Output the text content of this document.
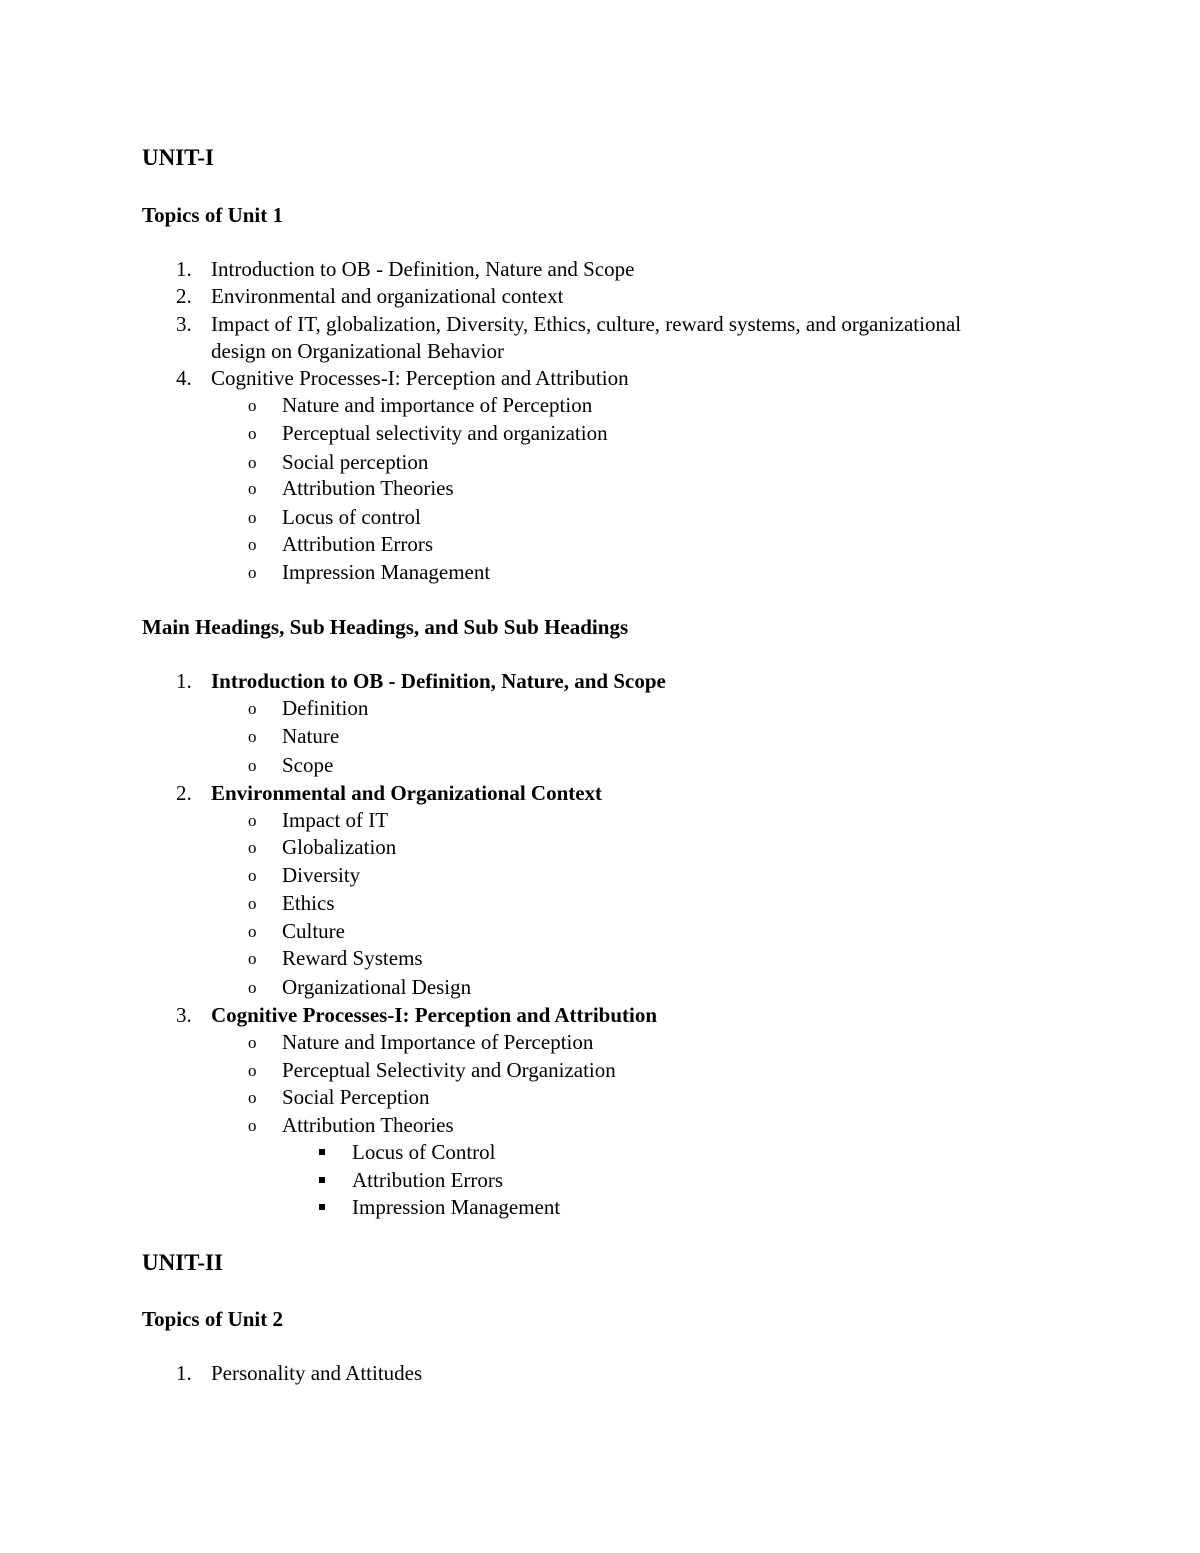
UNIT-I
Topics of Unit 1
1. Introduction to OB - Definition, Nature and Scope
2. Environmental and organizational context
3. Impact of IT, globalization, Diversity, Ethics, culture, reward systems, and organizational
design on Organizational Behavior
4. Cognitive Processes-I: Perception and Attribution
o Nature and importance of Perception
o Perceptual selectivity and organization
o Social perception
o Attribution Theories
o Locus of control
o Attribution Errors
o Impression Management
Main Headings, Sub Headings, and Sub Sub Headings
1. Introduction to OB - Definition, Nature, and Scope
o Definition
o Nature
o Scope
2. Environmental and Organizational Context
o Impact of IT
o Globalization
o Diversity
o Ethics
o Culture
o Reward Systems
o Organizational Design
3. Cognitive Processes-I: Perception and Attribution
o Nature and Importance of Perception
o Perceptual Selectivity and Organization
o Social Perception
o Attribution Theories
Locus of Control
Attribution Errors
Impression Management
UNIT-II
Topics of Unit 2
1. Personality and Attitudes
